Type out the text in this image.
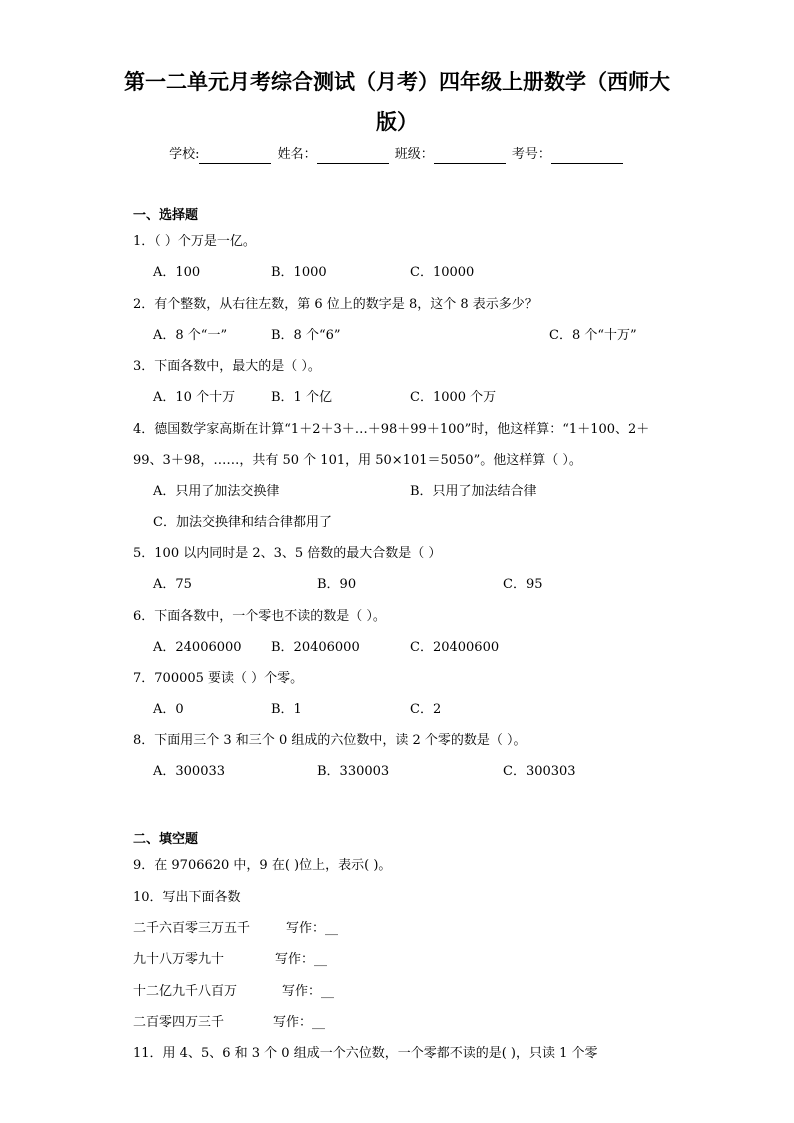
第一二单元月考综合测试（月考）四年级上册数学（西师大
版）
学校:	姓名：	班级：	考号：
一、选择题
1．（ ）个万是一亿。
A．100	B．1000	C．10000
2．有个整数，从右往左数，第 6 位上的数字是 8，这个 8 表示多少？
A．8 个“一”	B．8 个“6”	C．8 个“十万”
3．下面各数中，最大的是（ ）。
A．10 个十万	B．1 个亿	C．1000 个万
4．德国数学家高斯在计算“1＋2＋3＋…＋98＋99＋100”时，他这样算：“1＋100、2＋
99、3＋98，……，共有 50 个 101，用 50×101＝5050”。他这样算（ ）。
A．只用了加法交换律	B．只用了加法结合律
C．加法交换律和结合律都用了
5．100 以内同时是 2、3、5 倍数的最大合数是（ ）
A．75	B．90	C．95
6．下面各数中，一个零也不读的数是（ ）。
A．24006000 B．20406000	C．20400600
7．700005 要读（ ）个零。
A．0	B．1	C．2
8．下面用三个 3 和三个 0 组成的六位数中，读 2 个零的数是（ ）。
A．300033	B．330003	C．300303
二、填空题
9．在 9706620 中，9 在( )位上，表示( )。
10．写出下面各数
二千六百零三万五千	写作：__
九十八万零九十	写作：__
十二亿九千八百万	写作：__
二百零四万三千	写作：__
11．用 4、5、6 和 3 个 0 组成一个六位数，一个零都不读的是( )，只读 1 个零
